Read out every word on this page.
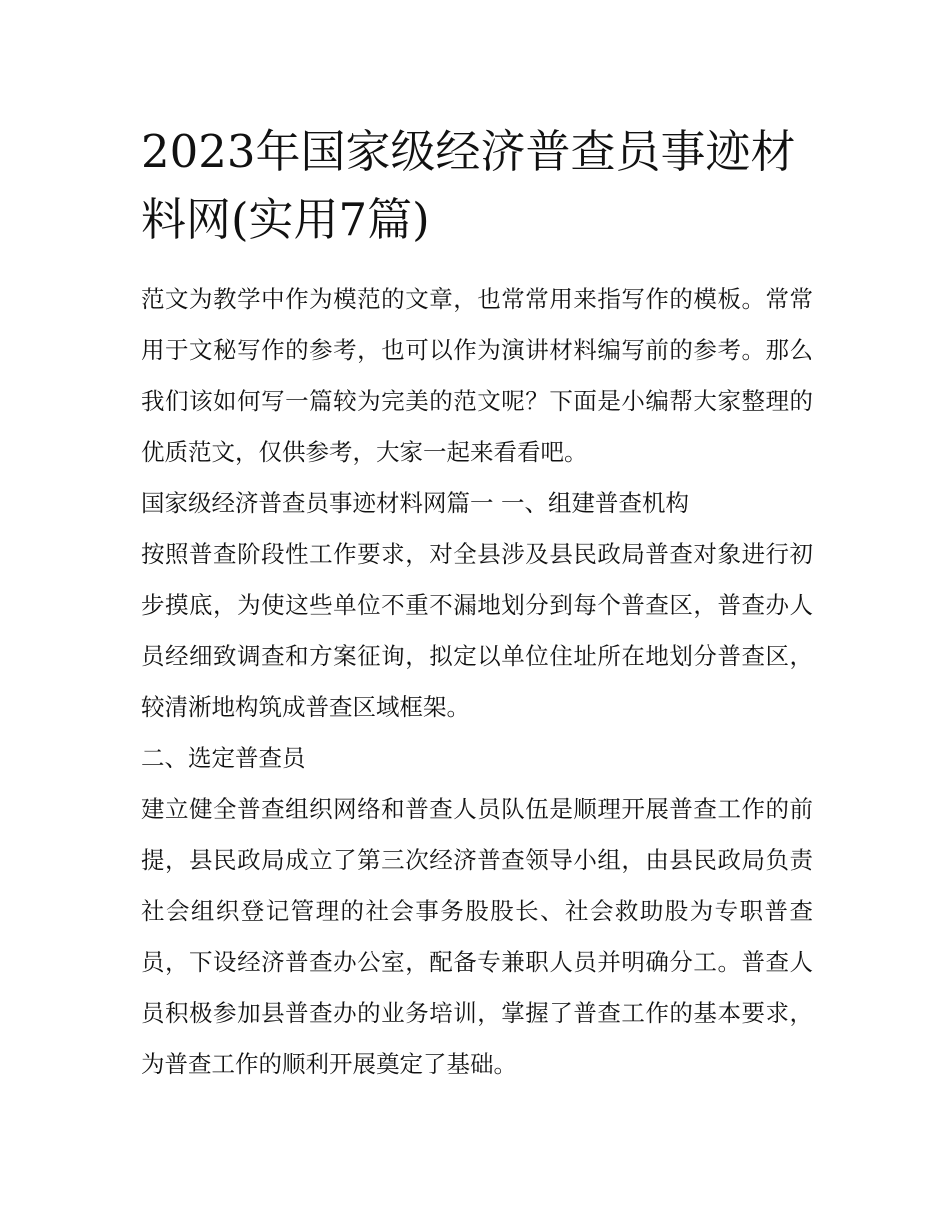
2023年国家级经济普查员事迹材料网(实用7篇)

范文为教学中作为模范的文章，也常常用来指写作的模板。常常用于文秘写作的参考，也可以作为演讲材料编写前的参考。那么我们该如何写一篇较为完美的范文呢？下面是小编帮大家整理的优质范文，仅供参考，大家一起来看看吧。

国家级经济普查员事迹材料网篇一 一、组建普查机构

按照普查阶段性工作要求，对全县涉及县民政局普查对象进行初步摸底，为使这些单位不重不漏地划分到每个普查区，普查办人员经细致调查和方案征询，拟定以单位住址所在地划分普查区，较清淅地构筑成普查区域框架。

二、选定普查员

建立健全普查组织网络和普查人员队伍是顺理开展普查工作的前提，县民政局成立了第三次经济普查领导小组，由县民政局负责社会组织登记管理的社会事务股股长、社会救助股为专职普查员，下设经济普查办公室，配备专兼职人员并明确分工。普查人员积极参加县普查办的业务培训，掌握了普查工作的基本要求，为普查工作的顺利开展奠定了基础。
